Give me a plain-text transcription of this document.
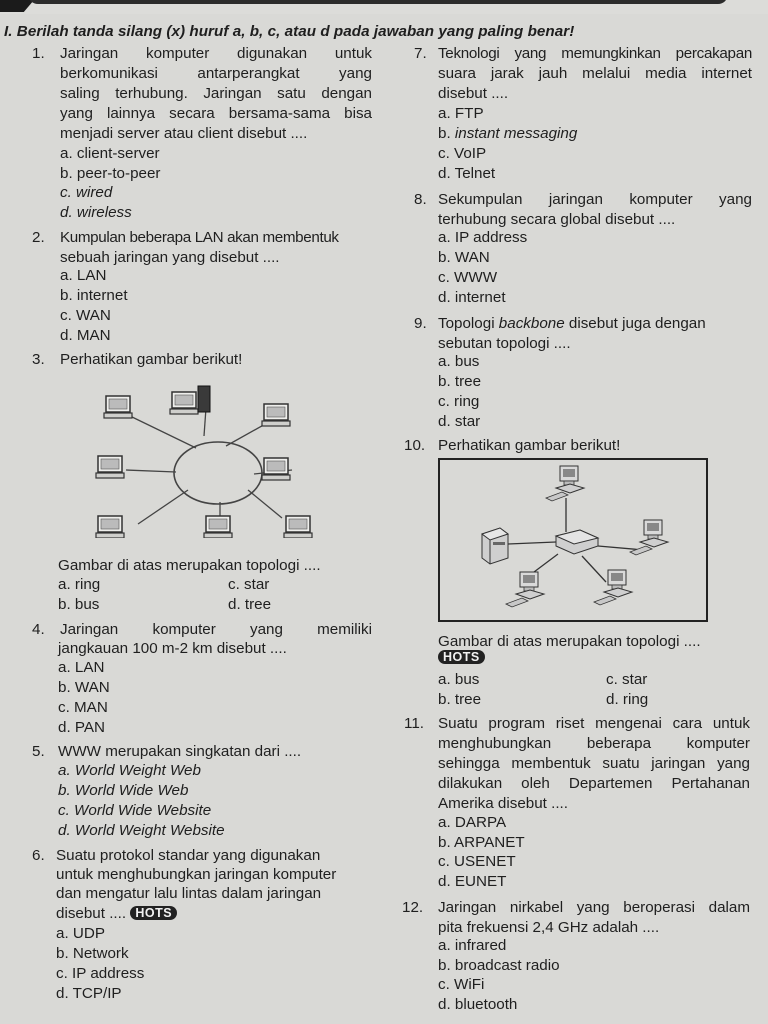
I. Berilah tanda silang (x) huruf a, b, c, atau d pada jawaban yang paling benar!
1. Jaringan komputer digunakan untuk
berkomunikasi antarperangkat yang
saling terhubung. Jaringan satu dengan
yang lainnya secara bersama-sama bisa
menjadi server atau client disebut ....
a. client-server
b. peer-to-peer
c. wired
d. wireless
2. Kumpulan beberapa LAN akan membentuk
sebuah jaringan yang disebut ....
a. LAN
b. internet
c. WAN
d. MAN
3. Perhatikan gambar berikut!
Gambar di atas merupakan topologi ....
a. ring	c. star
b. bus	d. tree
4. Jaringan komputer yang memiliki
jangkauan 100 m-2 km disebut ....
a. LAN
b. WAN
c. MAN
d. PAN
5. WWW merupakan singkatan dari ....
a. World Weight Web
b. World Wide Web
c. World Wide Website
d. World Weight Website
6. Suatu protokol standar yang digunakan
untuk menghubungkan jaringan komputer
dan mengatur lalu lintas dalam jaringan
disebut .... HOTS
a. UDP
b. Network
c. IP address
d. TCP/IP
7. Teknologi yang memungkinkan percakapan
suara jarak jauh melalui media internet
disebut ....
a. FTP
b. instant messaging
c. VoIP
d. Telnet
8. Sekumpulan jaringan komputer yang
terhubung secara global disebut ....
a. IP address
b. WAN
c. WWW
d. internet
9. Topologi backbone disebut juga dengan
sebutan topologi ....
a. bus
b. tree
c. ring
d. star
10. Perhatikan gambar berikut!
Gambar di atas merupakan topologi ....
HOTS
a. bus	c. star
b. tree	d. ring
11. Suatu program riset mengenai cara untuk
menghubungkan beberapa komputer
sehingga membentuk suatu jaringan yang
dilakukan oleh Departemen Pertahanan
Amerika disebut ....
a. DARPA
b. ARPANET
c. USENET
d. EUNET
12. Jaringan nirkabel yang beroperasi dalam
pita frekuensi 2,4 GHz adalah ....
a. infrared
b. broadcast radio
c. WiFi
d. bluetooth
